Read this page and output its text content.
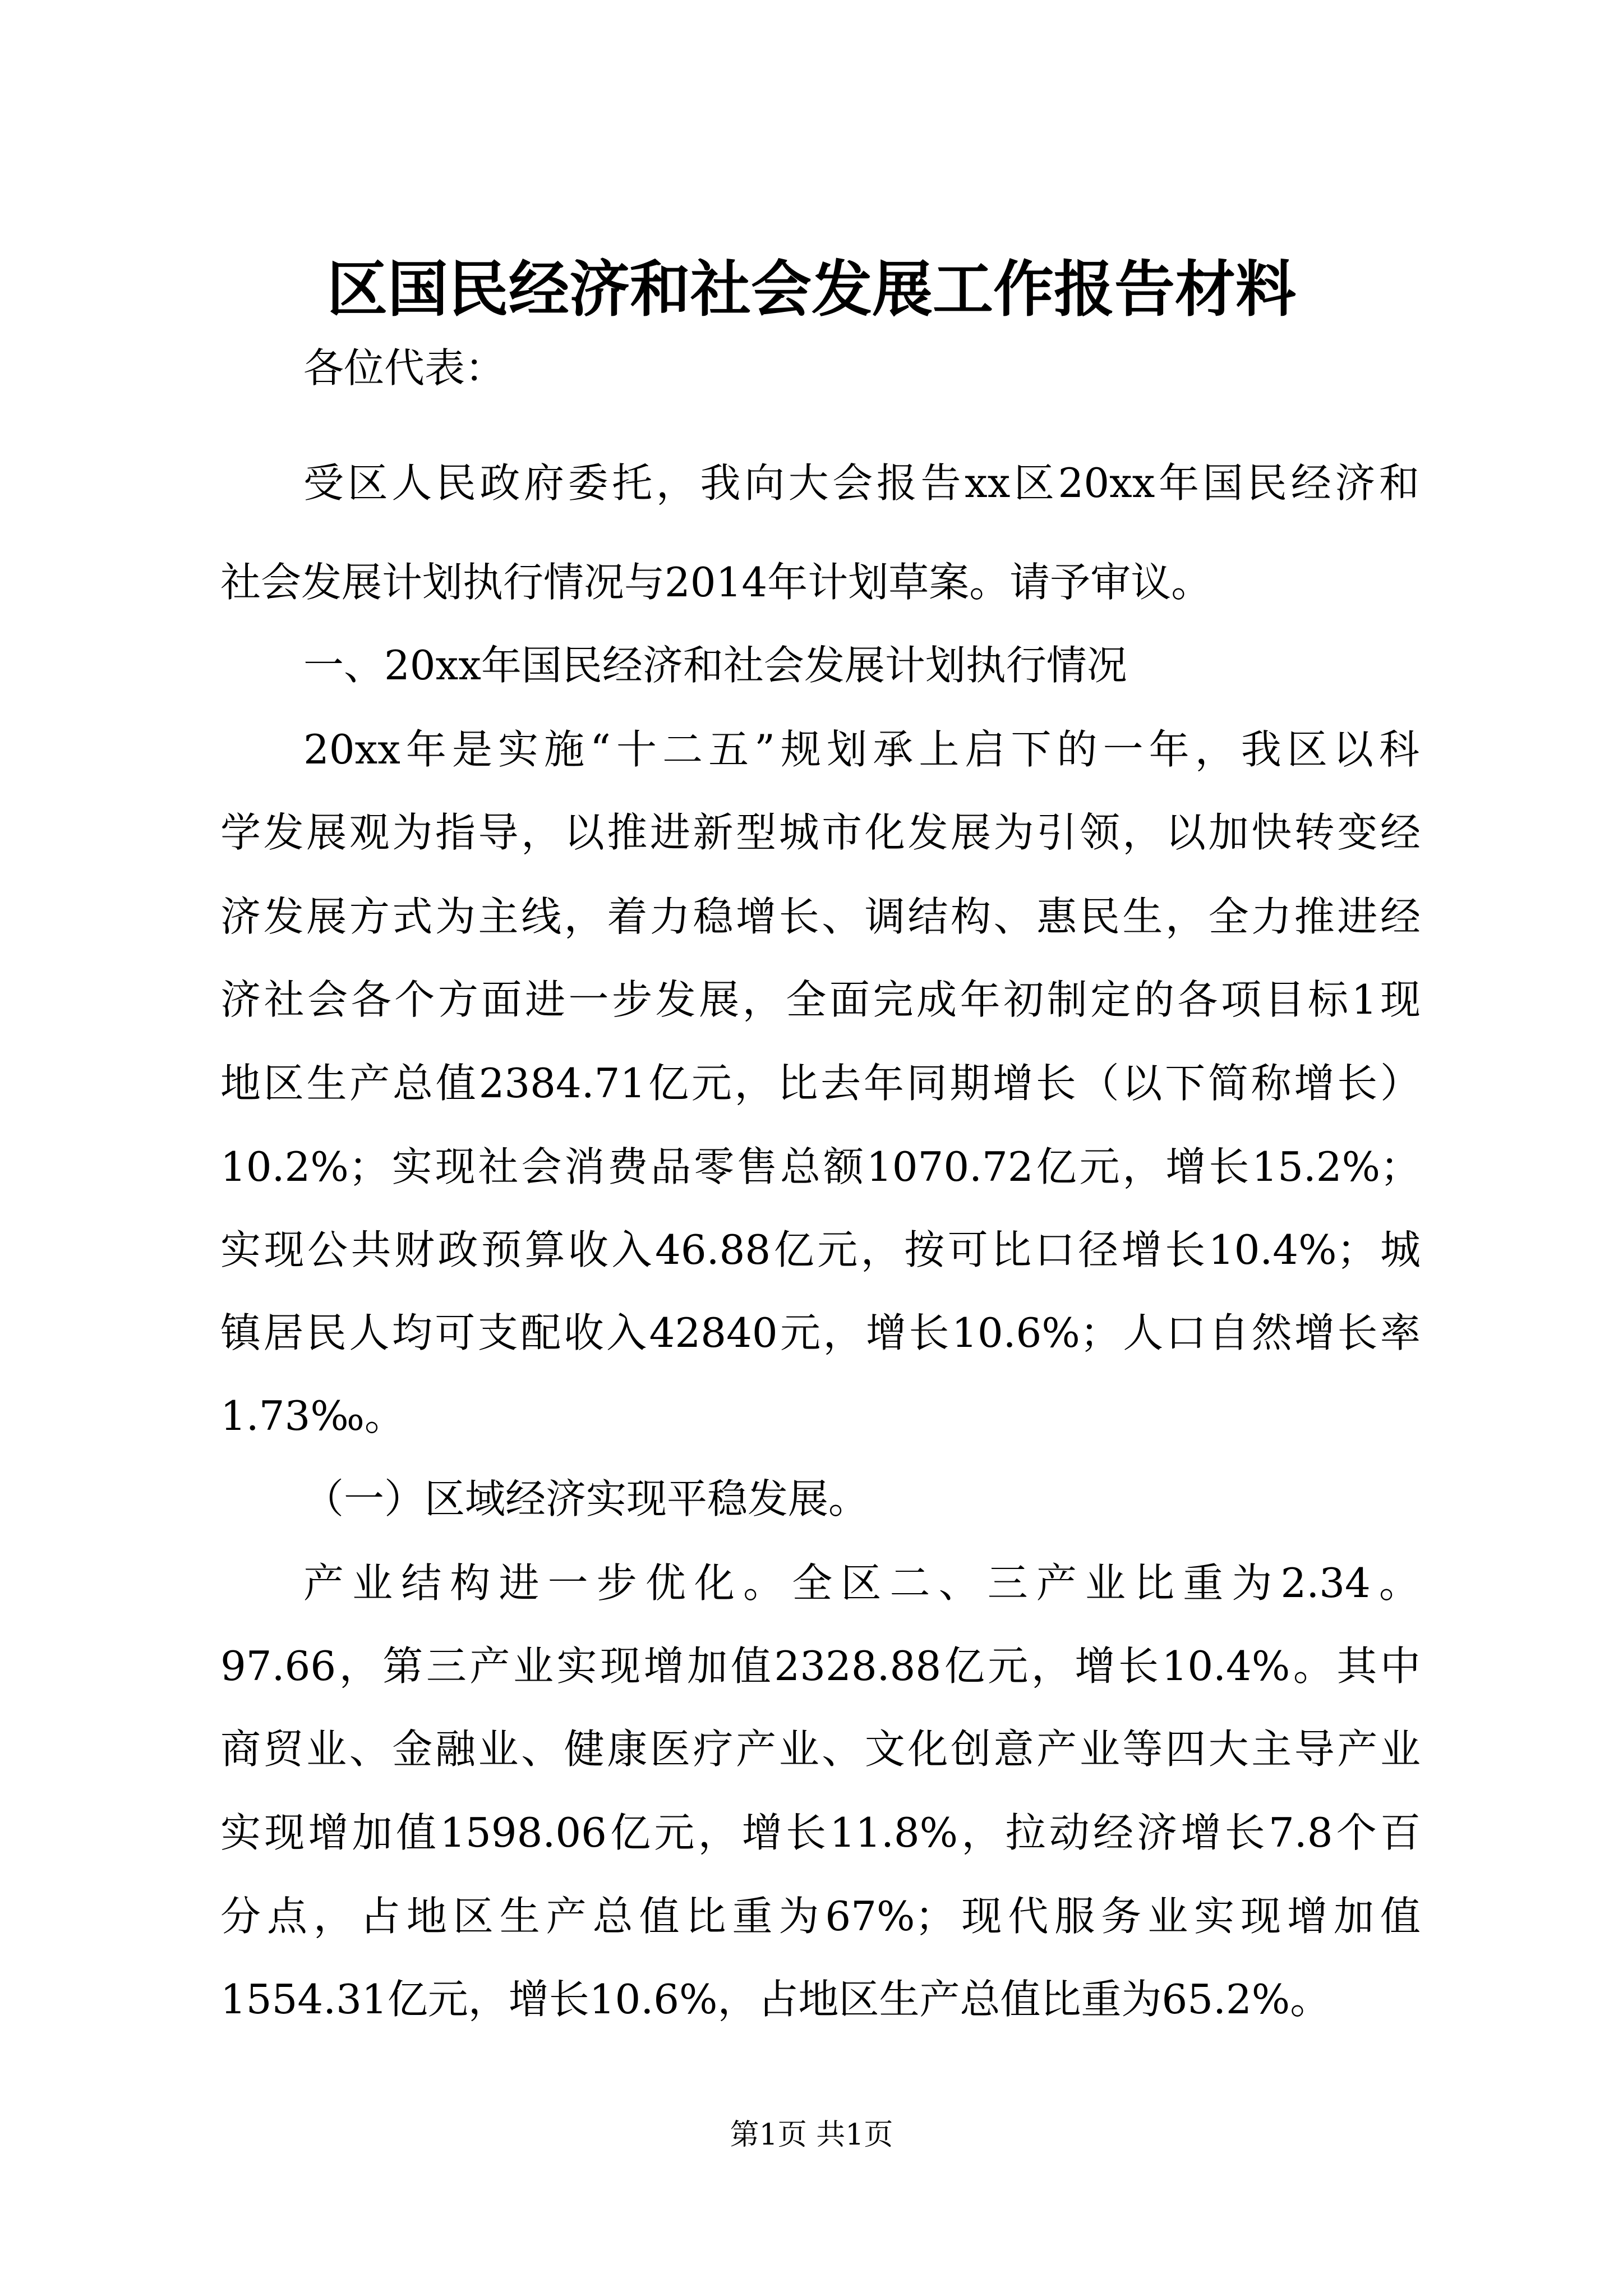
区国民经济和社会发展工作报告材料

各位代表：

受区人民政府委托，我向大会报告xx区20xx年国民经济和

社会发展计划执行情况与2014年计划草案。请予审议。

一、20xx年国民经济和社会发展计划执行情况

20xx年是实施“十二五”规划承上启下的一年，我区以科

学发展观为指导，以推进新型城市化发展为引领，以加快转变经

济发展方式为主线，着力稳增长、调结构、惠民生，全力推进经

济社会各个方面进一步发展，全面完成年初制定的各项目标1现

地区生产总值2384.71亿元，比去年同期增长（以下简称增长）

10.2%；实现社会消费品零售总额1070.72亿元，增长15.2%；

实现公共财政预算收入46.88亿元，按可比口径增长10.4%；城

镇居民人均可支配收入42840元，增长10.6%；人口自然增长率

1.73‰。

（一）区域经济实现平稳发展。

产业结构进一步优化。全区二、三产业比重为2.34。

97.66，第三产业实现增加值2328.88亿元，增长10.4%。其中

商贸业、金融业、健康医疗产业、文化创意产业等四大主导产业

实现增加值1598.06亿元，增长11.8%，拉动经济增长7.8个百

分点，占地区生产总值比重为67%；现代服务业实现增加值

1554.31亿元，增长10.6%，占地区生产总值比重为65.2%。

第1页 共1页
